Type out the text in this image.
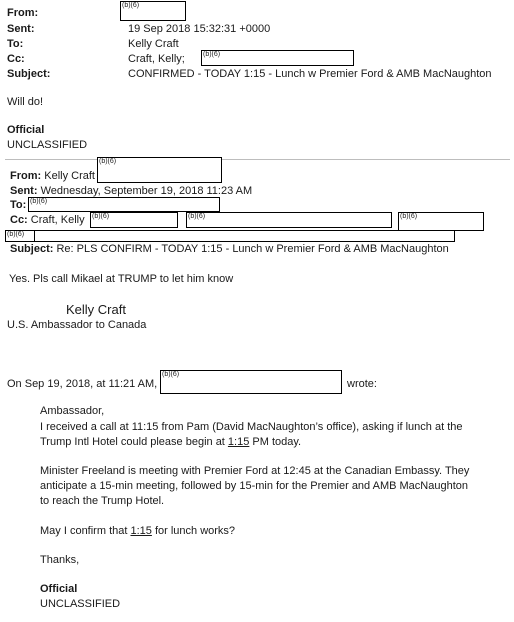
From:
(b)(6)
Sent:	19 Sep 2018 15:32:31 +0000
To:	Kelly Craft
Cc:	Craft, Kelly;	(b)(6)
Subject:	CONFIRMED - TODAY 1:15 - Lunch w Premier Ford & AMB MacNaughton
Will do!
Official
UNCLASSIFIED
(b)(6)
From: Kelly Craft
Sent: Wednesday, September 19, 2018 11:23 AM
To: (b)(6)
Cc: Craft, Kelly (b)(6)	(b)(6)	(b)(6)
(b)(6)
Subject: Re: PLS CONFIRM - TODAY 1:15 - Lunch w Premier Ford & AMB MacNaughton
Yes. Pls call Mikael at TRUMP to let him know
Kelly Craft
U.S. Ambassador to Canada
On Sep 19, 2018, at 11:21 AM,
(b)(6)
wrote:
Ambassador,
I received a call at 11:15 from Pam (David MacNaughton’s office), asking if lunch at the
Trump Intl Hotel could please begin at 1:15 PM today.
Minister Freeland is meeting with Premier Ford at 12:45 at the Canadian Embassy. They
anticipate a 15-min meeting, followed by 15-min for the Premier and AMB MacNaughton
to reach the Trump Hotel.
May I confirm that 1:15 for lunch works?
Thanks,
Official
UNCLASSIFIED
